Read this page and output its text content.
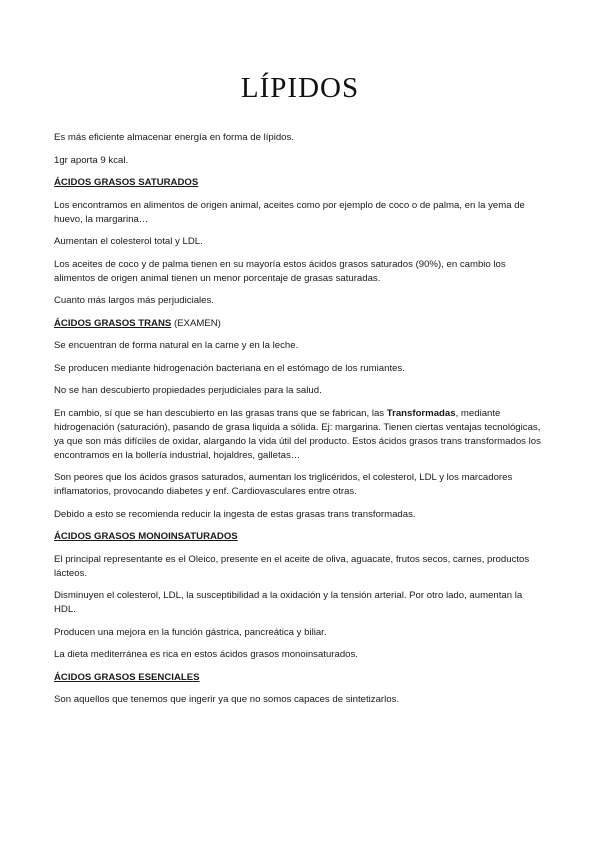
LÍPIDOS

Es más eficiente almacenar energía en forma de lípidos.

1gr aporta 9 kcal.

ÁCIDOS GRASOS SATURADOS

Los encontramos en alimentos de origen animal, aceites como por ejemplo de coco o de palma, en la yema de huevo, la margarina…

Aumentan el colesterol total y LDL.

Los aceites de coco y de palma tienen en su mayoría estos ácidos grasos saturados (90%), en cambio los alimentos de origen animal tienen un menor porcentaje de grasas saturadas.

Cuanto más largos más perjudiciales.

ÁCIDOS GRASOS TRANS (EXAMEN)

Se encuentran de forma natural en la carne y en la leche.

Se producen mediante hidrogenación bacteriana en el estómago de los rumiantes.

No se han descubierto propiedades perjudiciales para la salud.

En cambio, sí que se han descubierto en las grasas trans que se fabrican, las Transformadas, mediante hidrogenación (saturación), pasando de grasa liquida a sólida. Ej: margarina. Tienen ciertas ventajas tecnológicas, ya que son más difíciles de oxidar, alargando la vida útil del producto. Estos ácidos grasos trans transformados los encontramos en la bollería industrial, hojaldres, galletas…

Son peores que los ácidos grasos saturados, aumentan los triglicéridos, el colesterol, LDL y los marcadores inflamatorios, provocando diabetes y enf. Cardiovasculares entre otras.

Debido a esto se recomienda reducir la ingesta de estas grasas trans transformadas.

ÁCIDOS GRASOS MONOINSATURADOS

El principal representante es el Oleico, presente en el aceite de oliva, aguacate, frutos secos, carnes, productos lácteos.

Disminuyen el colesterol, LDL, la susceptibilidad a la oxidación y la tensión arterial. Por otro lado, aumentan la HDL.

Producen una mejora en la función gástrica, pancreática y biliar.

La dieta mediterránea es rica en estos ácidos grasos monoinsaturados.

ÁCIDOS GRASOS ESENCIALES

Son aquellos que tenemos que ingerir ya que no somos capaces de sintetizarlos.
